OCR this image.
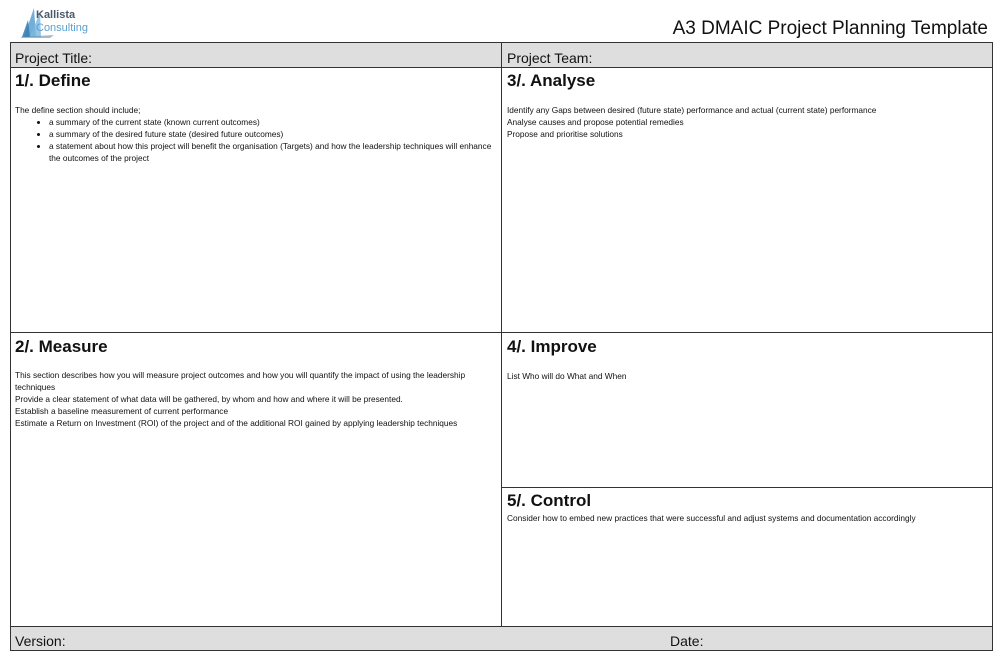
Kallista
Consulting	A3 DMAIC Project Planning Template
Project Title:	Project Team:
1/. Define

The define section should include;

• a summary of the current state (known current outcomes)
• a summary of the desired future state (desired future outcomes)
• a statement about how this project will benefit the organisation (Targets) and how the leadership techniques will enhance the outcomes of the project
3/. Analyse

Identify any Gaps between desired (future state) performance and actual (current state) performance

Analyse causes and propose potential remedies

Propose and prioritise solutions

2/. Measure

This section describes how you will measure project outcomes and how you will quantify the impact of using the leadership techniques

Provide a clear statement of what data will be gathered, by whom and how and where it will be presented.

Establish a baseline measurement of current performance

Estimate a Return on Investment (ROI) of the project and of the additional ROI gained by applying leadership techniques

4/. Improve

List Who will do What and When

5/. Control

Consider how to embed new practices that were successful and adjust systems and documentation accordingly

Version:	Date:
